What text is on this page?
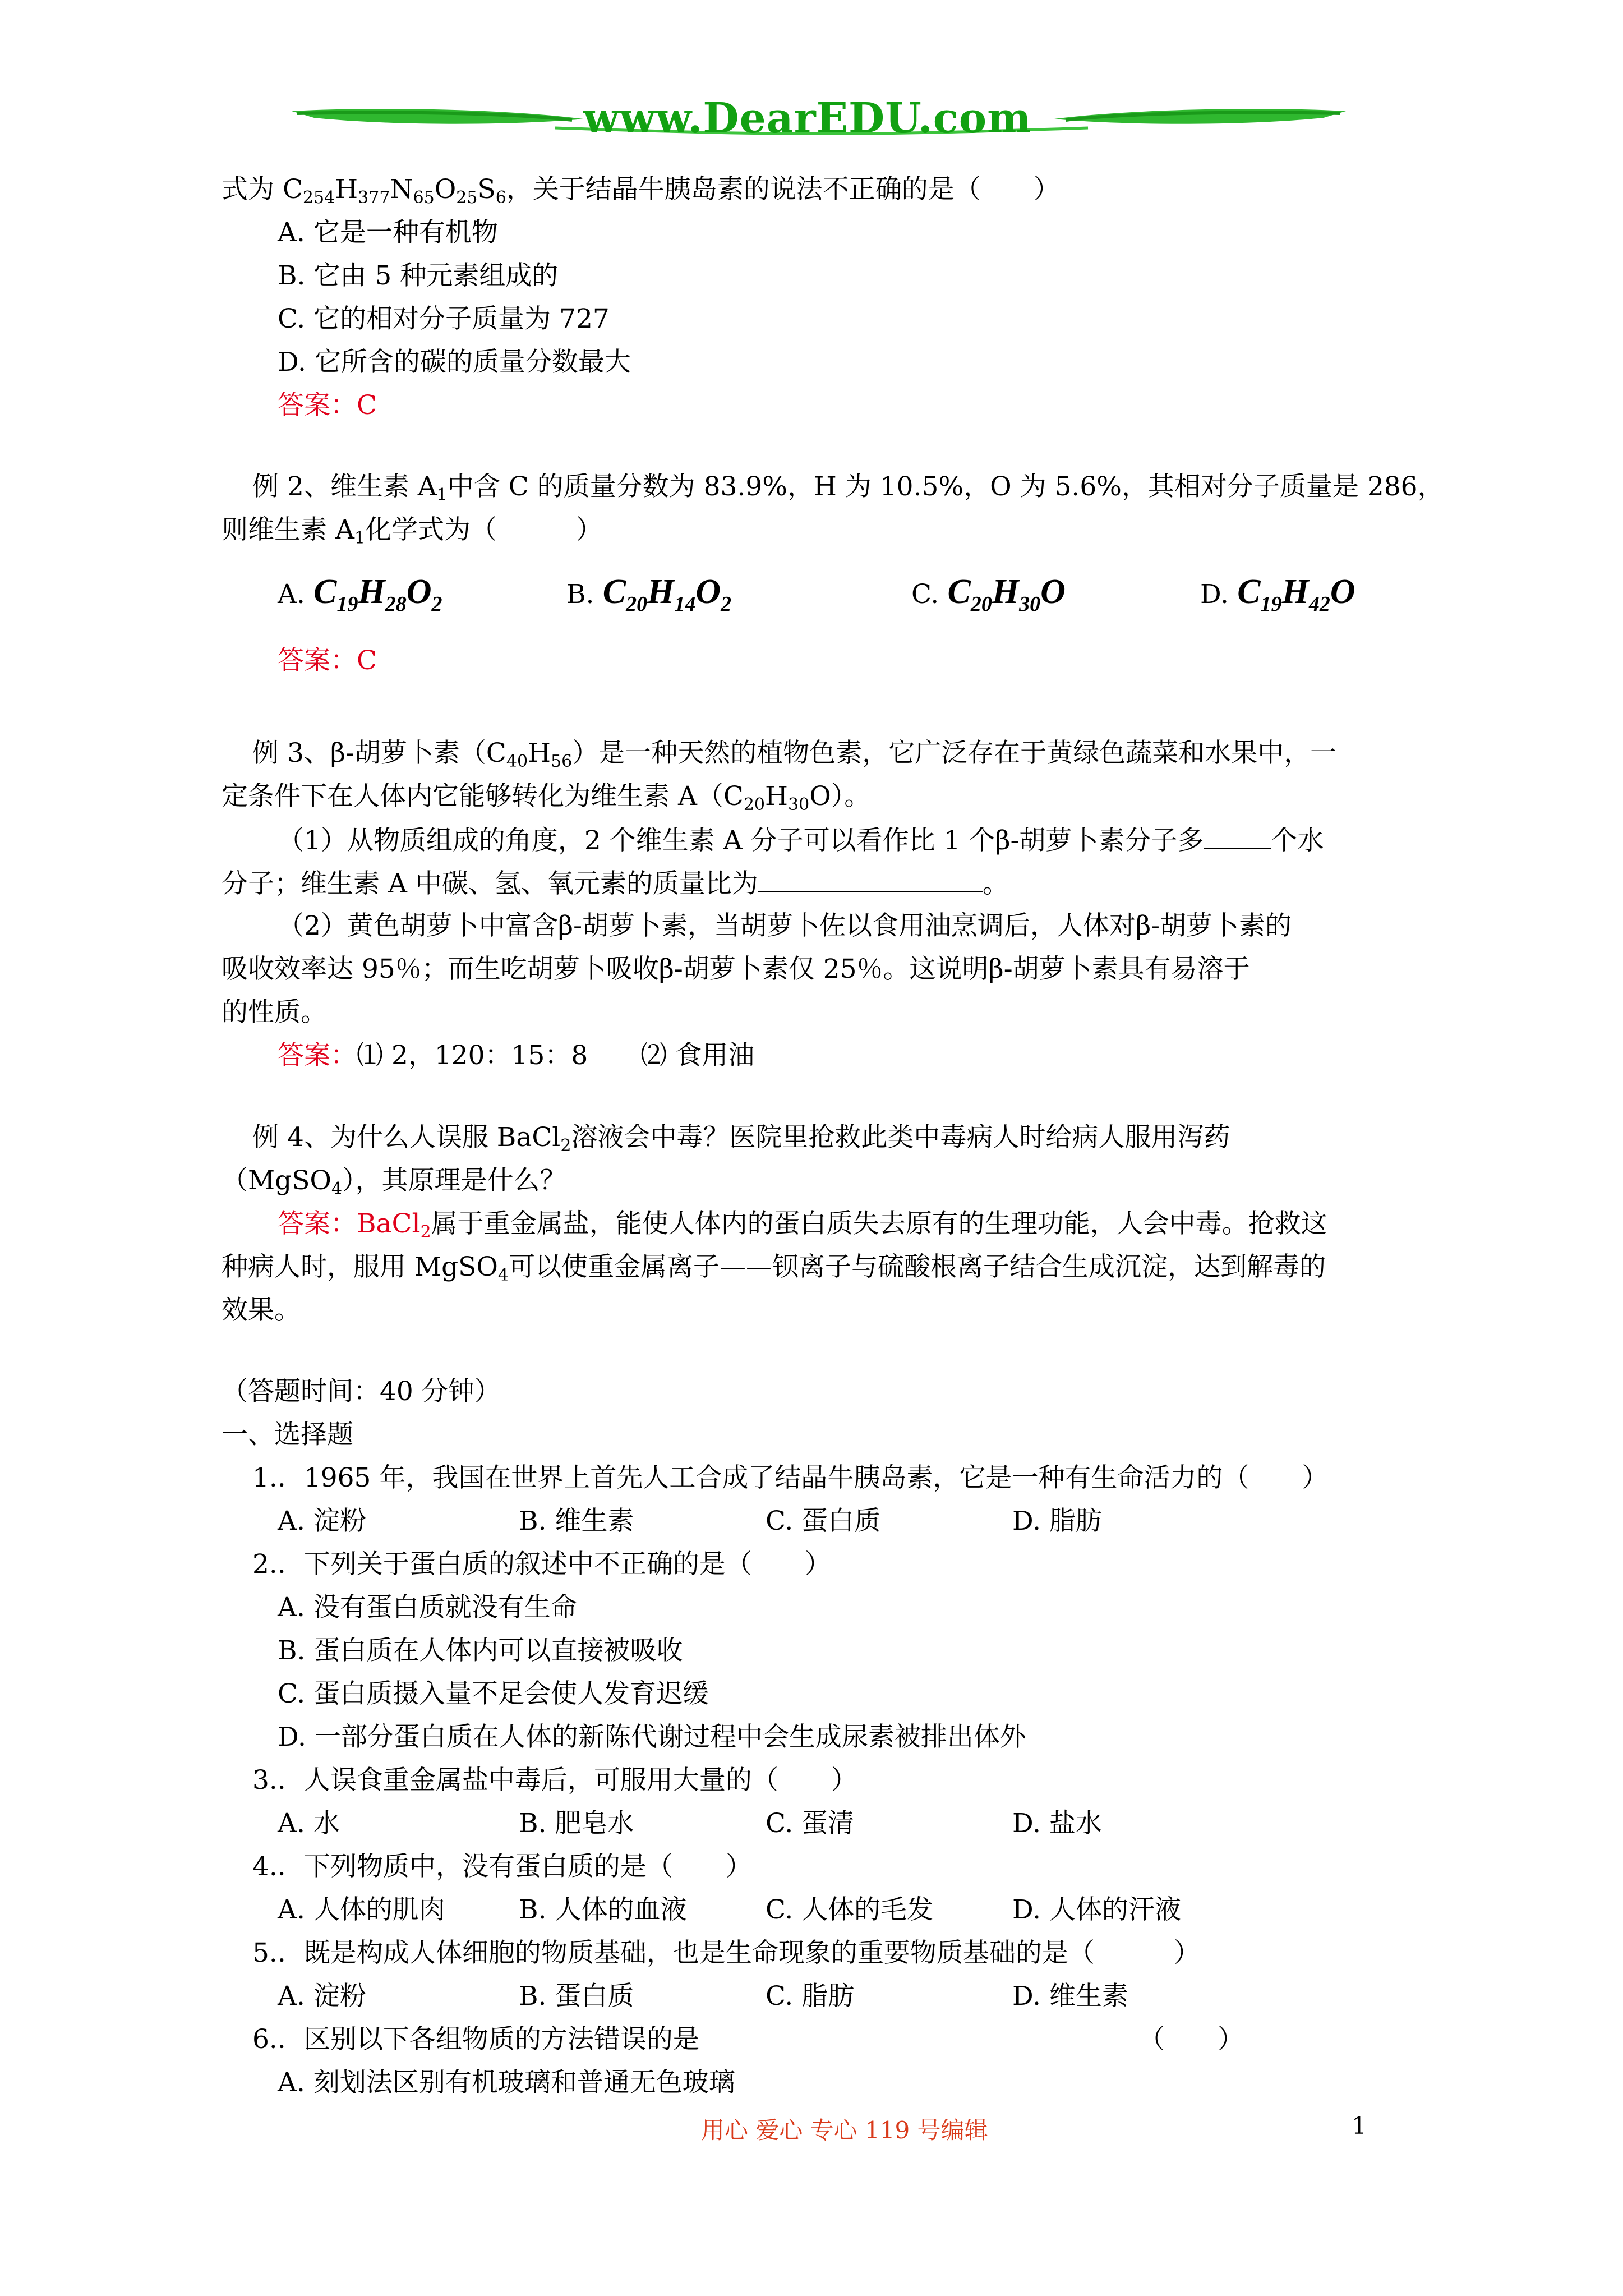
www.DearEDU.com
式为 $C_{254}H_{377}N_{65}O_{25}S_6$，关于结晶牛胰岛素的说法不正确的是（　　）
A. 它是一种有机物
B. 它由 5 种元素组成的
C. 它的相对分子质量为 727
D. 它所含的碳的质量分数最大
答案：C
例 2、维生素 $A_1$中含 C 的质量分数为 83.9%，H 为 10.5%，O 为 5.6%，其相对分子质量是 286，
则维生素 $A_1$化学式为（　　　）
A. $C_{19}H_{28}O_2$	B. $C_{20}H_{14}O_2$	C. $C_{20}H_{30}O$	D. $C_{19}H_{42}O$
答案：C
例 3、β-胡萝卜素$(C_{40}H_{56})$是一种天然的植物色素，它广泛存在于黄绿色蔬菜和水果中，一
定条件下在人体内它能够转化为维生素 $A(C_{20}H_{30}O)$。
（1）从物质组成的角度，2 个维生素 A 分子可以看作比 1 个β-胡萝卜素分子多	个水
分子；维生素 A 中碳、氢、氧元素的质量比为	。
（2）黄色胡萝卜中富含β-胡萝卜素，当胡萝卜佐以食用油烹调后，人体对β-胡萝卜素的
吸收效率达 95％；而生吃胡萝卜吸收β-胡萝卜素仅 25％。这说明β-胡萝卜素具有易溶于
的性质。
答案：⑴ 2，120：15：8　　⑵ 食用油
例 4、为什么人误服 BaCl$_2$溶液会中毒？医院里抢救此类中毒病人时给病人服用泻药
（MgSO$_4$），其原理是什么？
答案：BaCl$_2$属于重金属盐，能使人体内的蛋白质失去原有的生理功能，人会中毒。抢救这
种病人时，服用 MgSO$_4$可以使重金属离子——钡离子与硫酸根离子结合生成沉淀，达到解毒的
效果。
（答题时间：40 分钟）
一、选择题
1.．1965 年，我国在世界上首先人工合成了结晶牛胰岛素，它是一种有生命活力的（　　）
A. 淀粉	B. 维生素	C. 蛋白质	D. 脂肪
2.．下列关于蛋白质的叙述中不正确的是（　　）
A. 没有蛋白质就没有生命
B. 蛋白质在人体内可以直接被吸收
C. 蛋白质摄入量不足会使人发育迟缓
D. 一部分蛋白质在人体的新陈代谢过程中会生成尿素被排出体外
3.．人误食重金属盐中毒后，可服用大量的（　　）
A. 水	B. 肥皂水	C. 蛋清	D. 盐水
4.．下列物质中，没有蛋白质的是（　　）
A. 人体的肌肉	B. 人体的血液	C. 人体的毛发	D. 人体的汗液
5.．既是构成人体细胞的物质基础，也是生命现象的重要物质基础的是（　　　）
A. 淀粉	B. 蛋白质	C. 脂肪	D. 维生素
6.．区别以下各组物质的方法错误的是	（　　）
A. 刻划法区别有机玻璃和普通无色玻璃
用心 爱心 专心 119 号编辑	1
